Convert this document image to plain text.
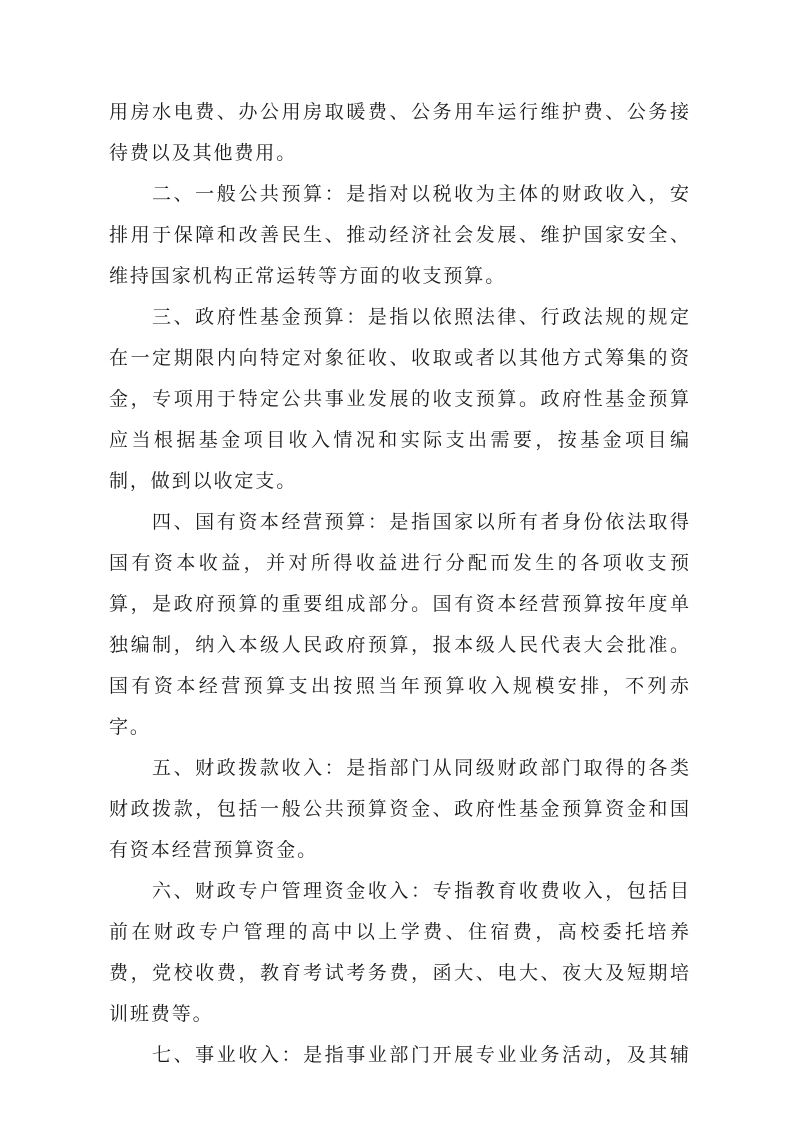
用房水电费、办公用房取暖费、公务用车运行维护费、公务接
待费以及其他费用。
二、一般公共预算：是指对以税收为主体的财政收入，安
排用于保障和改善民生、推动经济社会发展、维护国家安全、
维持国家机构正常运转等方面的收支预算。
三、政府性基金预算：是指以依照法律、行政法规的规定
在一定期限内向特定对象征收、收取或者以其他方式筹集的资
金，专项用于特定公共事业发展的收支预算。政府性基金预算
应当根据基金项目收入情况和实际支出需要，按基金项目编
制，做到以收定支。
四、国有资本经营预算：是指国家以所有者身份依法取得
国有资本收益，并对所得收益进行分配而发生的各项收支预
算，是政府预算的重要组成部分。国有资本经营预算按年度单
独编制，纳入本级人民政府预算，报本级人民代表大会批准。
国有资本经营预算支出按照当年预算收入规模安排，不列赤
字。
五、财政拨款收入：是指部门从同级财政部门取得的各类
财政拨款，包括一般公共预算资金、政府性基金预算资金和国
有资本经营预算资金。
六、财政专户管理资金收入：专指教育收费收入，包括目
前在财政专户管理的高中以上学费、住宿费，高校委托培养
费，党校收费，教育考试考务费，函大、电大、夜大及短期培
训班费等。
七、事业收入：是指事业部门开展专业业务活动，及其辅
